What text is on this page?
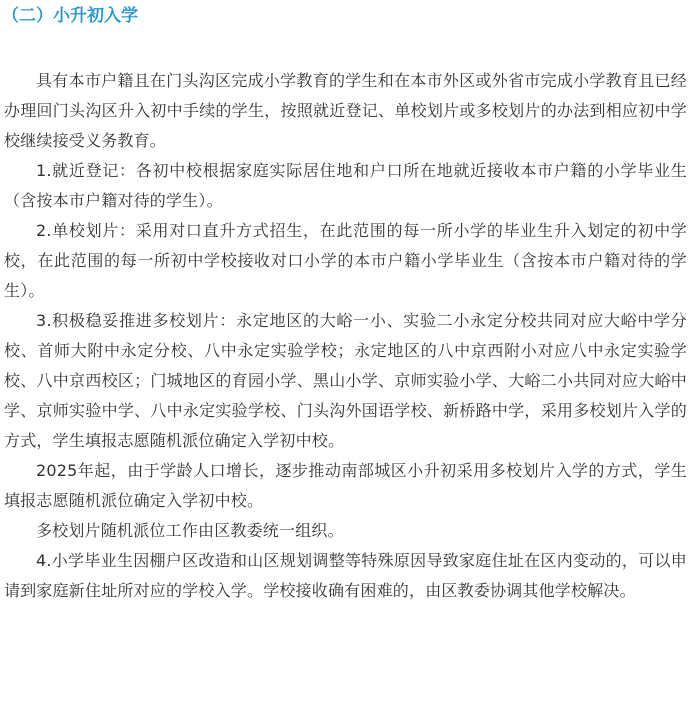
（二）小升初入学

具有本市户籍且在门头沟区完成小学教育的学生和在本市外区或外省市完成小学教育且已经办理回门头沟区升入初中手续的学生，按照就近登记、单校划片或多校划片的办法到相应初中学校继续接受义务教育。

1.就近登记：各初中校根据家庭实际居住地和户口所在地就近接收本市户籍的小学毕业生（含按本市户籍对待的学生）。

2.单校划片：采用对口直升方式招生，在此范围的每一所小学的毕业生升入划定的初中学校，在此范围的每一所初中学校接收对口小学的本市户籍小学毕业生（含按本市户籍对待的学生）。

3.积极稳妥推进多校划片：永定地区的大峪一小、实验二小永定分校共同对应大峪中学分校、首师大附中永定分校、八中永定实验学校；永定地区的八中京西附小对应八中永定实验学校、八中京西校区；门城地区的育园小学、黑山小学、京师实验小学、大峪二小共同对应大峪中学、京师实验中学、八中永定实验学校、门头沟外国语学校、新桥路中学，采用多校划片入学的方式，学生填报志愿随机派位确定入学初中校。

2025年起，由于学龄人口增长，逐步推动南部城区小升初采用多校划片入学的方式，学生填报志愿随机派位确定入学初中校。

多校划片随机派位工作由区教委统一组织。

4.小学毕业生因棚户区改造和山区规划调整等特殊原因导致家庭住址在区内变动的，可以申请到家庭新住址所对应的学校入学。学校接收确有困难的，由区教委协调其他学校解决。
